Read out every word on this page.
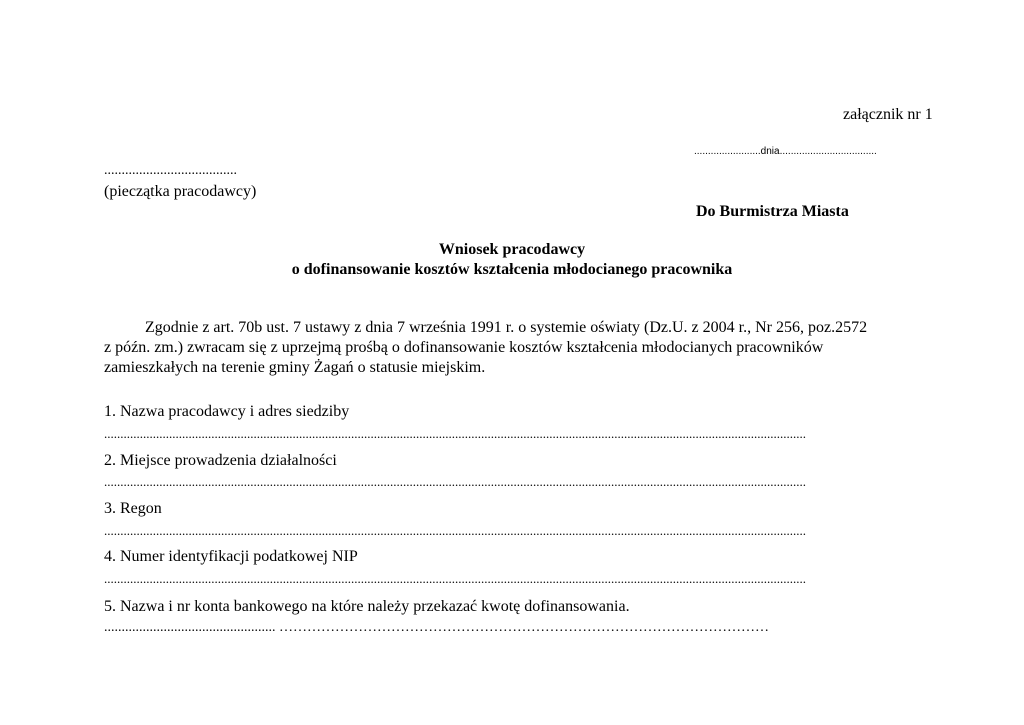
załącznik nr 1
........................dnia...................................
......................................
(pieczątka pracodawcy)
Do Burmistrza Miasta
Wniosek pracodawcy
o dofinansowanie kosztów kształcenia młodocianego pracownika
Zgodnie z art. 70b ust. 7 ustawy z dnia 7 września 1991 r. o systemie oświaty (Dz.U. z 2004 r., Nr 256, poz.2572
z późn. zm.) zwracam się z uprzejmą prośbą o dofinansowanie kosztów kształcenia młodocianych pracowników
zamieszkałych na terenie gminy Żagań o statusie miejskim.
1. Nazwa pracodawcy i adres siedziby
........................................................................................................................................................................................................................
2. Miejsce prowadzenia działalności
........................................................................................................................................................................................................................
3. Regon
........................................................................................................................................................................................................................
4. Numer identyfikacji podatkowej NIP
........................................................................................................................................................................................................................
5. Nazwa i nr konta bankowego na które należy przekazać kwotę dofinansowania.
................................................. ……………………………………………………………………………………………
